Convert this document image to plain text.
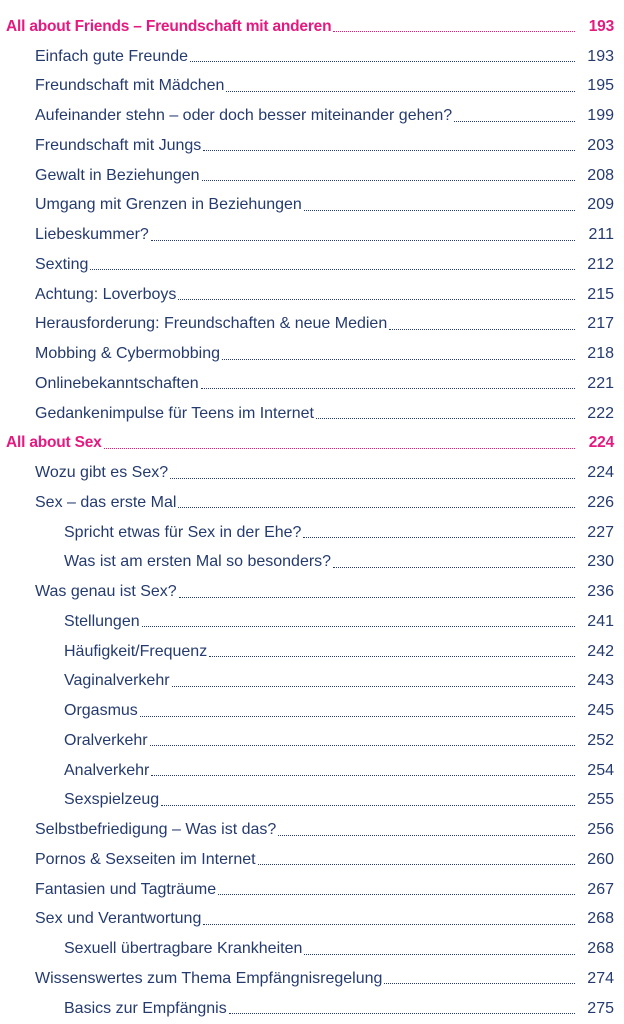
All about Friends – Freundschaft mit anderen	193
Einfach gute Freunde	193
Freundschaft mit Mädchen	195
Aufeinander stehn – oder doch besser miteinander gehen?	199
Freundschaft mit Jungs	203
Gewalt in Beziehungen	208
Umgang mit Grenzen in Beziehungen	209
Liebeskummer?	211
Sexting	212
Achtung: Loverboys	215
Herausforderung: Freundschaften & neue Medien	217
Mobbing & Cybermobbing	218
Onlinebekanntschaften	221
Gedankenimpulse für Teens im Internet	222
All about Sex	224
Wozu gibt es Sex?	224
Sex – das erste Mal	226
Spricht etwas für Sex in der Ehe?	227
Was ist am ersten Mal so besonders?	230
Was genau ist Sex?	236
Stellungen	241
Häufigkeit/Frequenz	242
Vaginalverkehr	243
Orgasmus	245
Oralverkehr	252
Analverkehr	254
Sexspielzeug	255
Selbstbefriedigung – Was ist das?	256
Pornos & Sexseiten im Internet	260
Fantasien und Tagträume	267
Sex und Verantwortung	268
Sexuell übertragbare Krankheiten	268
Wissenswertes zum Thema Empfängnisregelung	274
Basics zur Empfängnis	275
